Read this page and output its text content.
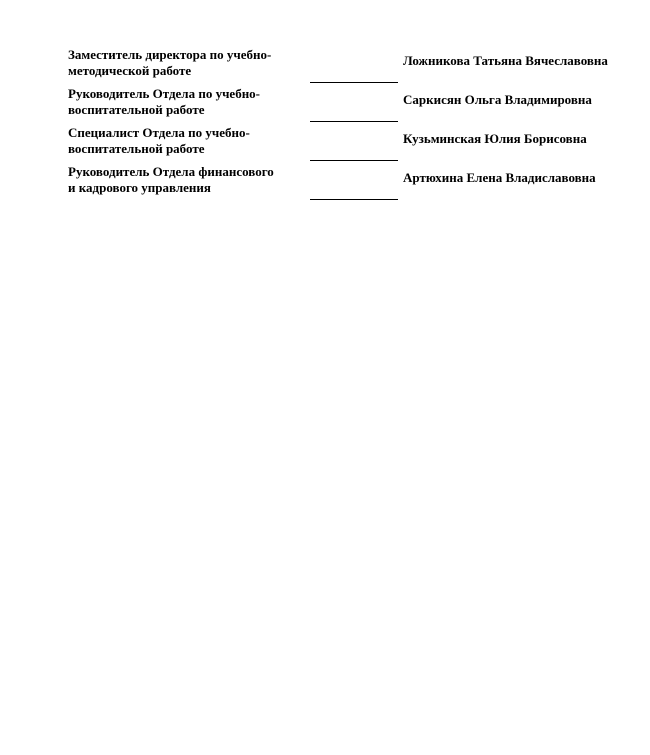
Заместитель директора по учебно-
методической работе
Ложникова Татьяна Вячеславовна
Руководитель Отдела по учебно-
воспитательной работе
Саркисян Ольга Владимировна
Специалист Отдела по учебно-
воспитательной работе
Кузьминская Юлия Борисовна
Руководитель Отдела финансового
и кадрового управления
Артюхина Елена Владиславовна
